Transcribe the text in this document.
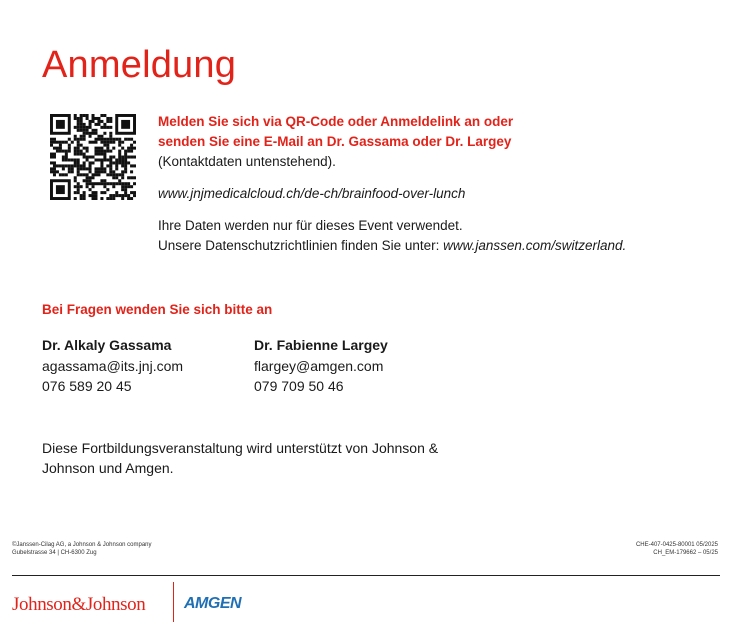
Anmeldung
Melden Sie sich via QR-Code oder Anmeldelink an oder
senden Sie eine E-Mail an Dr. Gassama oder Dr. Largey
(Kontaktdaten untenstehend).
www.jnjmedicalcloud.ch/de-ch/brainfood-over-lunch
Ihre Daten werden nur für dieses Event verwendet.
Unsere Datenschutzrichtlinien finden Sie unter: www.janssen.com/switzerland.
Bei Fragen wenden Sie sich bitte an
Dr. Alkaly Gassama
agassama@its.jnj.com
076 589 20 45
Dr. Fabienne Largey
flargey@amgen.com
079 709 50 46
Diese Fortbildungsveranstaltung wird unterstützt von Johnson & Johnson und Amgen.
©Janssen-Cilag AG, a Johnson & Johnson company
Gubelstrasse 34 | CH-6300 Zug
CHE-407-0425-80001 05/2025
CH_EM-179662 – 05/25
Johnson&Johnson AMGEN
